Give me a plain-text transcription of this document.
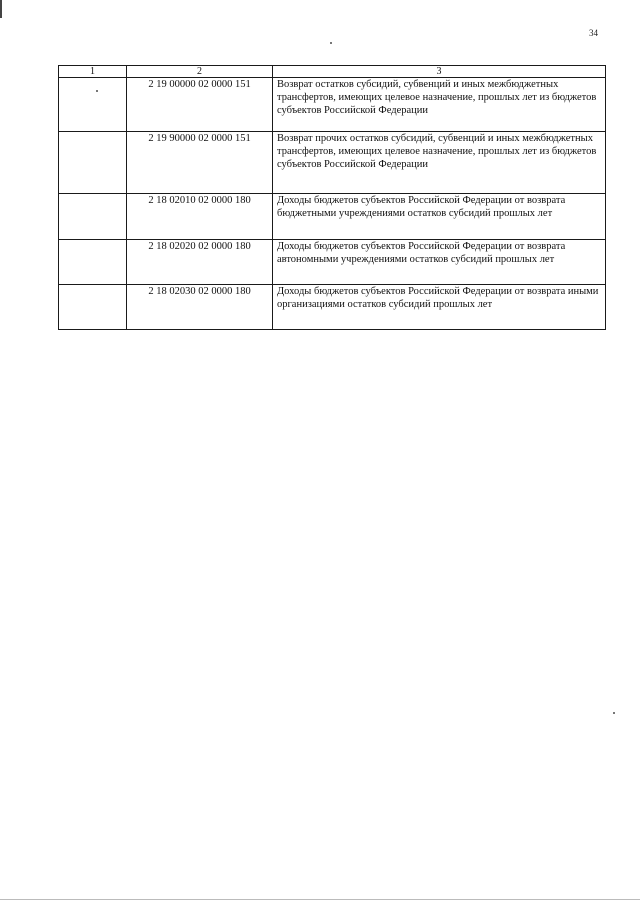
34
1	2	3
	2 19 00000 02 0000 151	Возврат остатков субсидий, субвенций и иных межбюджетных трансфертов, имеющих целевое назначение, прошлых лет из бюджетов субъектов Российской Федерации
	2 19 90000 02 0000 151	Возврат прочих остатков субсидий, субвенций и иных межбюджетных трансфертов, имеющих целевое назначение, прошлых лет из бюджетов субъектов Российской Федерации
	2 18 02010 02 0000 180	Доходы бюджетов субъектов Российской Федерации от возврата бюджетными учреждениями остатков субсидий прошлых лет
	2 18 02020 02 0000 180	Доходы бюджетов субъектов Российской Федерации от возврата автономными учреждениями остатков субсидий прошлых лет
	2 18 02030 02 0000 180	Доходы бюджетов субъектов Российской Федерации от возврата иными организациями остатков субсидий прошлых лет
